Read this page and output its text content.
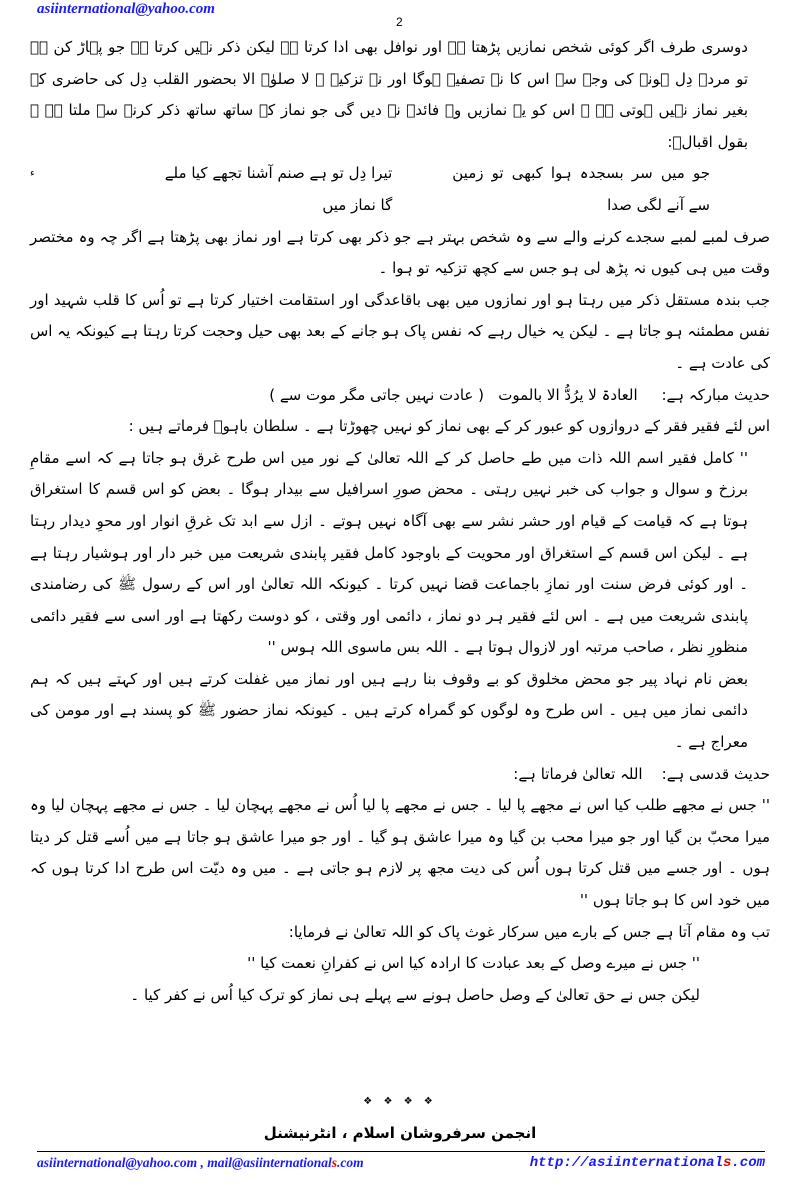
asiinternational@yahoo.com
2

دوسری طرف اگر کوئی شخص نمازیں پڑھتا ہے اور نوافل بھی ادا کرتا ہے لیکن ذکر نہیں کرتا ہے جو پہاڑ کن ہے تو مردہ دِل ہونے کی وجہ سے اس کا نہ تصفیہ ہوگا اور نہ تزکیہ ۔ لا صلوٰۃ الا بحضور القلب دِل کی حاضری کے بغیر نماز نہیں ہوتی ہے ۔ اس کو یہ نمازیں وہ فائدہ نہ دیں گی جو نماز کے ساتھ ساتھ ذکر کرنے سے ملتا ہے ۔ بقول اقبالؒ:

جو میں سر بسجدہ ہوا کبھی تو زمین سے آنے لگی صدا
تیرا دِل تو ہے صنم آشنا تجھے کیا ملے گا نماز میں
ء

صرف لمبے لمبے سجدے کرنے والے سے وہ شخص بہتر ہے جو ذکر بھی کرتا ہے اور نماز بھی پڑھتا ہے اگر چہ وہ مختصر وقت میں ہی کیوں نہ پڑھ لی ہو جس سے کچھ تزکیہ تو ہوا ۔

جب بندہ مستقل ذکر میں رہتا ہو اور نمازوں میں بھی باقاعدگی اور استقامت اختیار کرتا ہے تو اُس کا قلب شہید اور نفس مطمئنہ ہو جاتا ہے ۔ لیکن یہ خیال رہے کہ نفس پاک ہو جانے کے بعد بھی حیل وحجت کرتا رہتا ہے کیونکہ یہ اس کی عادت ہے ۔

حدیث مبارکہ ہے:     العادۃ لا یرُدُّ الا بالموت   ( عادت نہیں جاتی مگر موت سے )

اس لئے فقیر فقر کے دروازوں کو عبور کر کے بھی نماز کو نہیں چھوڑتا ہے ۔ سلطان باہوؒ فرماتے ہیں :

'' کامل فقیر اسم اللہ ذات میں طے حاصل کر کے اللہ تعالیٰ کے نور میں اس طرح غرق ہو جاتا ہے کہ اسے مقامِ برزخ و سوال و جواب کی خبر نہیں رہتی ۔ محض صورِ اسرافیل سے بیدار ہوگا ۔ بعض کو اس قسم کا استغراق ہوتا ہے کہ قیامت کے قیام اور حشر نشر سے بھی آگاہ نہیں ہوتے ۔ ازل سے ابد تک غرقِ انوار اور محوِ دیدار رہتا ہے ۔ لیکن اس قسم کے استغراق اور محویت کے باوجود کامل فقیر پابندی شریعت میں خبر دار اور ہوشیار رہتا ہے ۔ اور کوئی فرض سنت اور نمازِ باجماعت قضا نہیں کرتا ۔ کیونکہ اللہ تعالیٰ اور اس کے رسول ﷺ کی رضامندی پابندی شریعت میں ہے ۔ اس لئے فقیر ہر دو نماز ، دائمی اور وقتی ، کو دوست رکھتا ہے اور اسی سے فقیر دائمی منظورِ نظر ، صاحب مرتبہ اور لازوال ہوتا ہے ۔ اللہ بس ماسوی اللہ ہوس ''

بعض نام نہاد پیر جو محض مخلوق کو بے وقوف بنا رہے ہیں اور نماز میں غفلت کرتے ہیں اور کہتے ہیں کہ ہم دائمی نماز میں ہیں ۔ اس طرح وہ لوگوں کو گمراہ کرتے ہیں ۔ کیونکہ نماز حضور ﷺ کو پسند ہے اور مومن کی معراج ہے ۔

حدیث قدسی ہے:    اللہ تعالیٰ فرماتا ہے:

'' جس نے مجھے طلب کیا اس نے مجھے پا لیا ۔ جس نے مجھے پا لیا اُس نے مجھے پہچان لیا ۔ جس نے مجھے پہچان لیا وہ میرا محبّ بن گیا اور جو میرا محب بن گیا وہ میرا عاشق ہو گیا ۔ اور جو میرا عاشق ہو جاتا ہے میں اُسے قتل کر دیتا ہوں ۔ اور جسے میں قتل کرتا ہوں اُس کی دیت مجھ پر لازم ہو جاتی ہے ۔ میں وہ دیّت اس طرح ادا کرتا ہوں کہ میں خود اس کا ہو جاتا ہوں ''

تب وہ مقام آتا ہے جس کے بارے میں سرکار غوث پاک کو اللہ تعالیٰ نے فرمایا:

'' جس نے میرے وصل کے بعد عبادت کا ارادہ کیا اس نے کفرانِ نعمت کیا ''

لیکن جس نے حق تعالیٰ کے وصل حاصل ہونے سے پہلے ہی نماز کو ترک کیا اُس نے کفر کیا ۔

❖ ❖ ❖ ❖
انجمن سرفروشان اسلام ، انٹرنیشنل
asiinternational@yahoo.com , mail@asiinternationals.com	http://asiinternationals.com
